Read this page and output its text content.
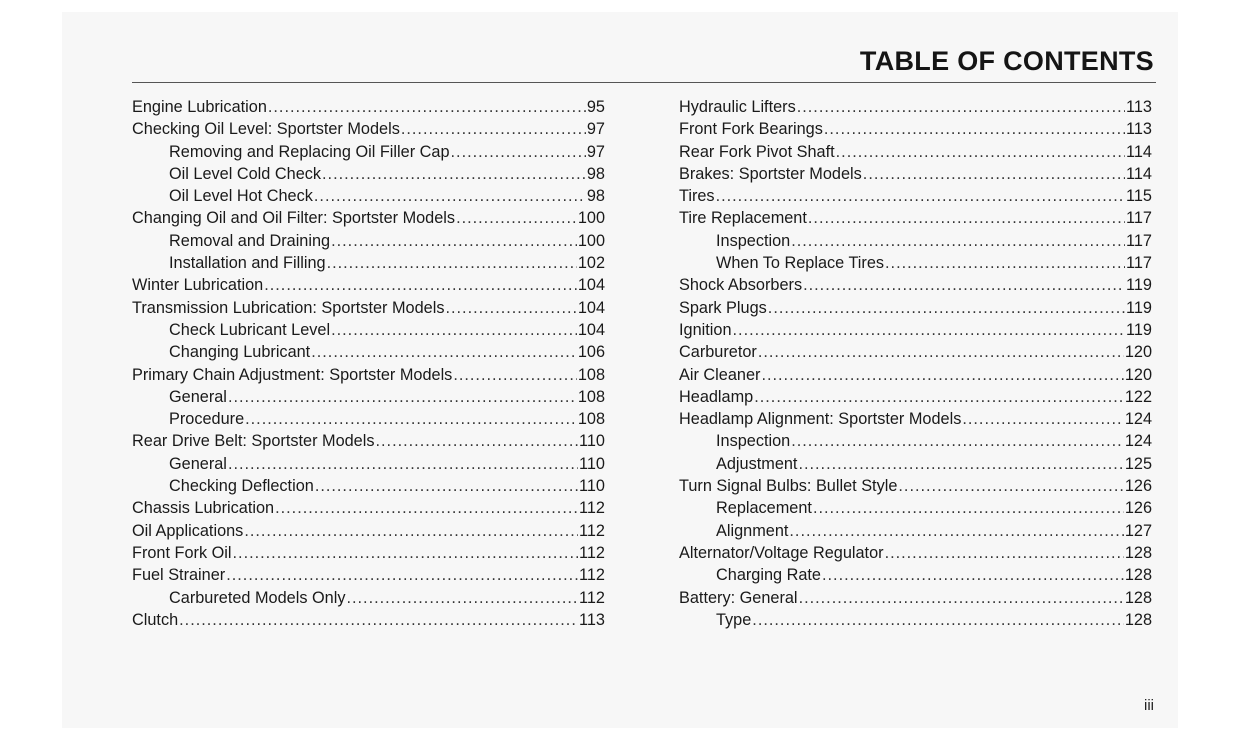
TABLE OF CONTENTS
Engine Lubrication .....	95
Checking Oil Level: Sportster Models .....	97
Removing and Replacing Oil Filler Cap .....	97
Oil Level Cold Check .....	98
Oil Level Hot Check .....	98
Changing Oil and Oil Filter: Sportster Models .....	100
Removal and Draining .....	100
Installation and Filling .....	102
Winter Lubrication .....	104
Transmission Lubrication: Sportster Models .....	104
Check Lubricant Level .....	104
Changing Lubricant .....	106
Primary Chain Adjustment: Sportster Models .....	108
General .....	108
Procedure .....	108
Rear Drive Belt: Sportster Models .....	110
General .....	110
Checking Deflection .....	110
Chassis Lubrication .....	112
Oil Applications .....	112
Front Fork Oil .....	112
Fuel Strainer .....	112
Carbureted Models Only .....	112
Clutch .....	113
Hydraulic Lifters .....	113
Front Fork Bearings .....	113
Rear Fork Pivot Shaft .....	114
Brakes: Sportster Models .....	114
Tires .....	115
Tire Replacement .....	117
Inspection .....	117
When To Replace Tires .....	117
Shock Absorbers .....	119
Spark Plugs .....	119
Ignition .....	119
Carburetor .....	120
Air Cleaner .....	120
Headlamp .....	122
Headlamp Alignment: Sportster Models .....	124
Inspection .....	124
Adjustment .....	125
Turn Signal Bulbs: Bullet Style .....	126
Replacement .....	126
Alignment .....	127
Alternator/Voltage Regulator .....	128
Charging Rate .....	128
Battery: General .....	128
Type .....	128
iii
